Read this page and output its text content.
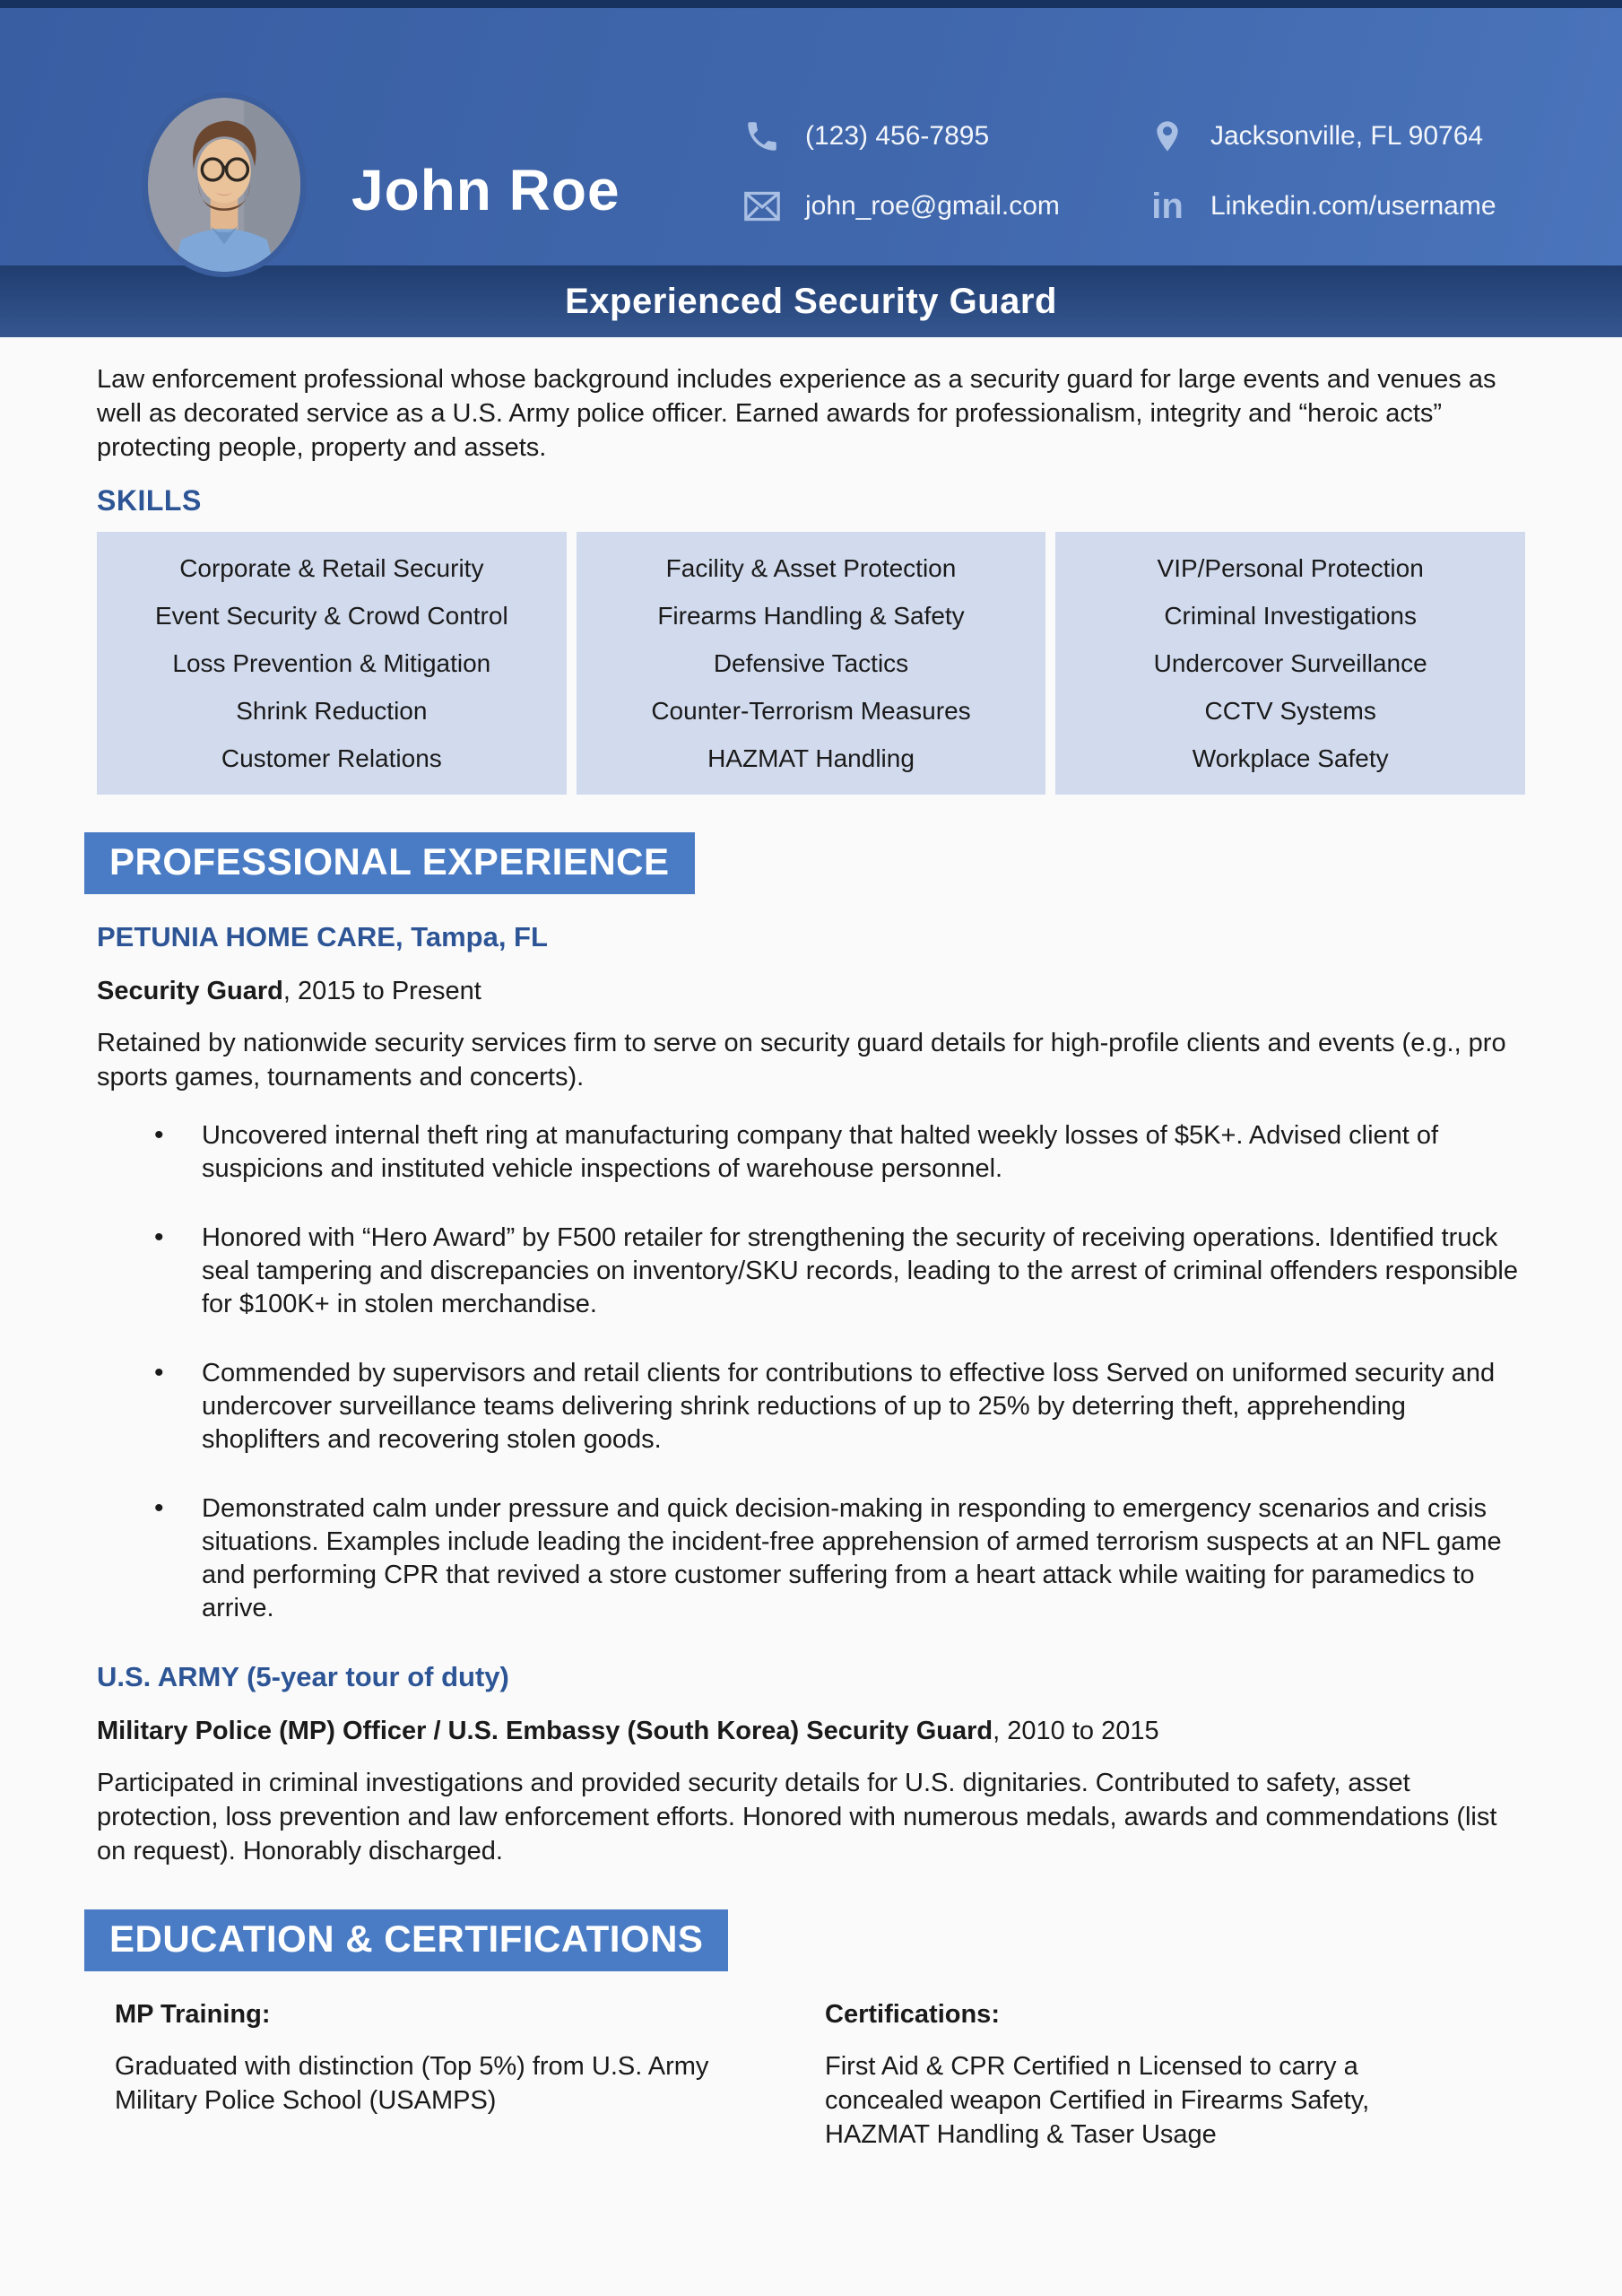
John Roe
(123) 456-7895	Jacksonville, FL 90764
john_roe@gmail.com	in Linkedin.com/username
Experienced Security Guard

Law enforcement professional whose background includes experience as a security guard for large events and venues as well as decorated service as a U.S. Army police officer. Earned awards for professionalism, integrity and “heroic acts” protecting people, property and assets.

SKILLS
Corporate & Retail Security
Event Security & Crowd Control
Loss Prevention & Mitigation
Shrink Reduction
Customer Relations
Facility & Asset Protection
Firearms Handling & Safety
Defensive Tactics
Counter-Terrorism Measures
HAZMAT Handling
VIP/Personal Protection
Criminal Investigations
Undercover Surveillance
CCTV Systems
Workplace Safety
PROFESSIONAL EXPERIENCE
PETUNIA HOME CARE, Tampa, FL

Security Guard, 2015 to Present

Retained by nationwide security services firm to serve on security guard details for high-profile clients and events (e.g., pro sports games, tournaments and concerts).

• Uncovered internal theft ring at manufacturing company that halted weekly losses of $5K+. Advised client of suspicions and instituted vehicle inspections of warehouse personnel.
• Honored with “Hero Award” by F500 retailer for strengthening the security of receiving operations. Identified truck seal tampering and discrepancies on inventory/SKU records, leading to the arrest of criminal offenders responsible for $100K+ in stolen merchandise.
• Commended by supervisors and retail clients for contributions to effective loss Served on uniformed security and undercover surveillance teams delivering shrink reductions of up to 25% by deterring theft, apprehending shoplifters and recovering stolen goods.
• Demonstrated calm under pressure and quick decision-making in responding to emergency scenarios and crisis situations. Examples include leading the incident-free apprehension of armed terrorism suspects at an NFL game and performing CPR that revived a store customer suffering from a heart attack while waiting for paramedics to arrive.
U.S. ARMY (5-year tour of duty)

Military Police (MP) Officer / U.S. Embassy (South Korea) Security Guard, 2010 to 2015

Participated in criminal investigations and provided security details for U.S. dignitaries. Contributed to safety, asset protection, loss prevention and law enforcement efforts. Honored with numerous medals, awards and commendations (list on request). Honorably discharged.

EDUCATION & CERTIFICATIONS

MP Training:

Graduated with distinction (Top 5%) from U.S. Army Military Police School (USAMPS)

Certifications:

First Aid & CPR Certified n Licensed to carry a concealed weapon Certified in Firearms Safety, HAZMAT Handling & Taser Usage
